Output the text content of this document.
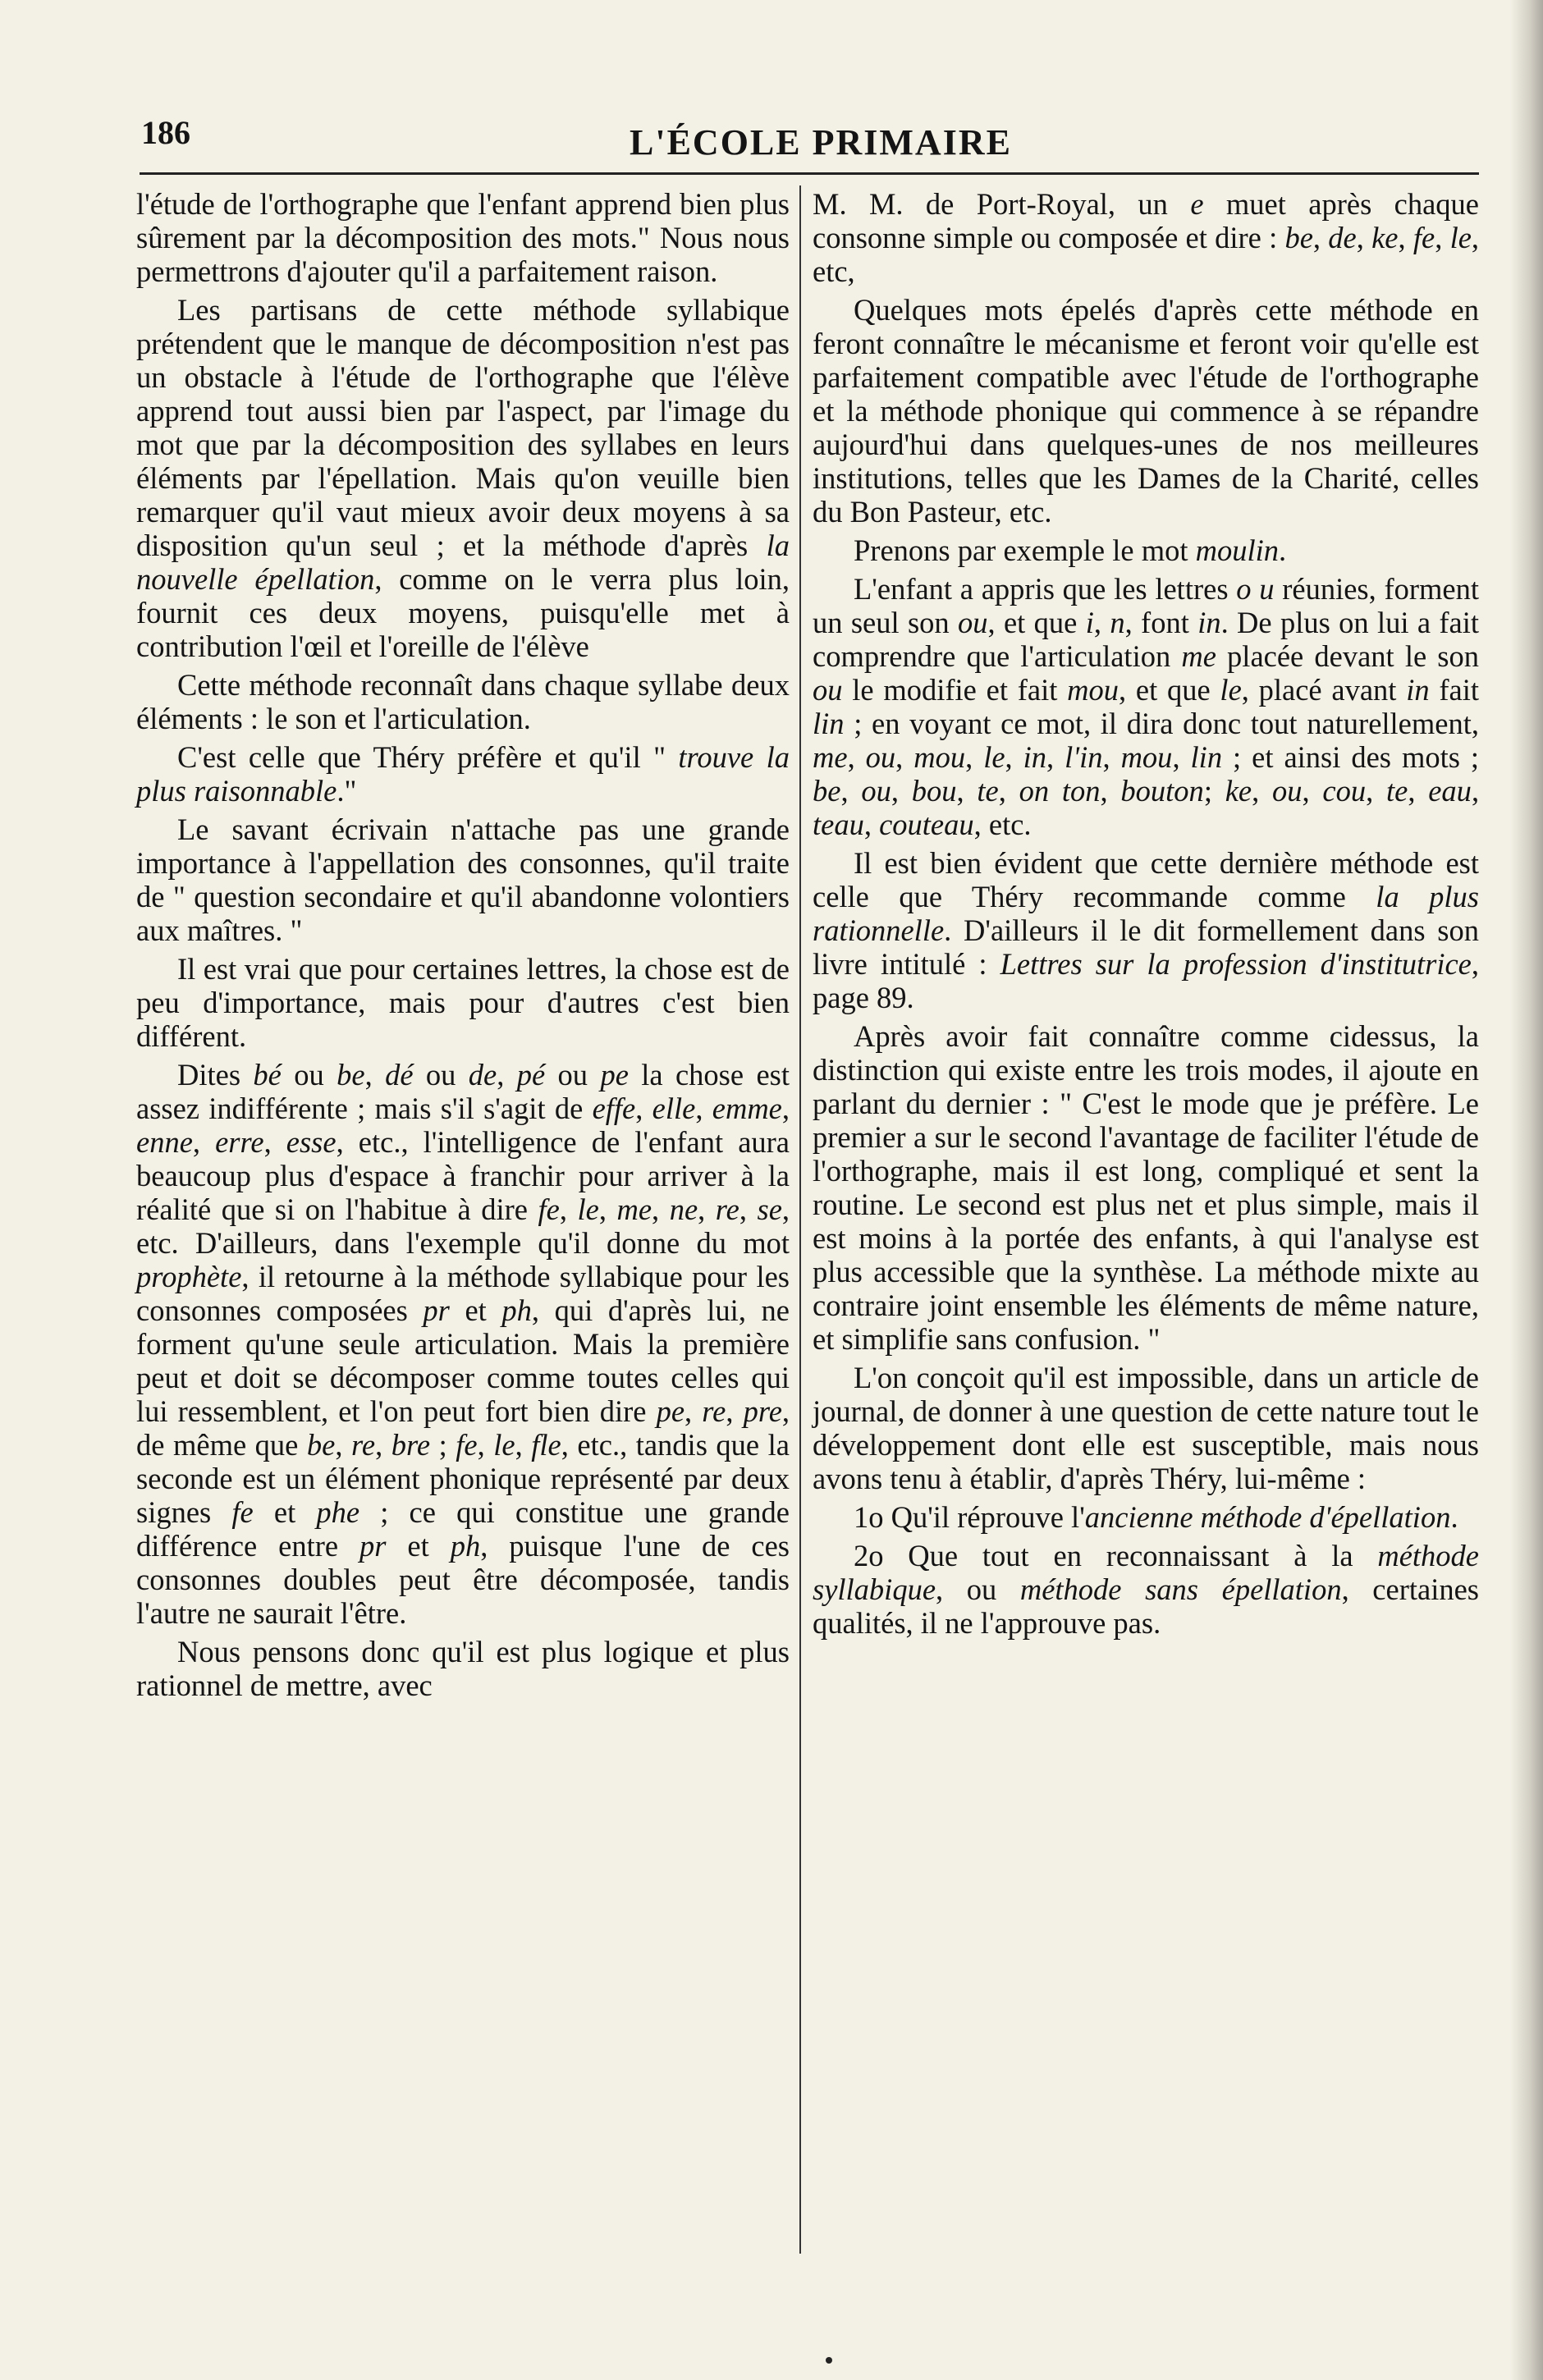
186	L'ÉCOLE PRIMAIRE

l'étude de l'orthographe que l'enfant apprend bien plus sûrement par la décomposition des mots." Nous nous permettrons d'ajouter qu'il a parfaitement raison.

Les partisans de cette méthode syllabique prétendent que le manque de décomposition n'est pas un obstacle à l'étude de l'orthographe que l'élève apprend tout aussi bien par l'aspect, par l'image du mot que par la décomposition des syllabes en leurs éléments par l'épellation. Mais qu'on veuille bien remarquer qu'il vaut mieux avoir deux moyens à sa disposition qu'un seul ; et la méthode d'après la nouvelle épellation, comme on le verra plus loin, fournit ces deux moyens, puisqu'elle met à contribution l'œil et l'oreille de l'élève

Cette méthode reconnaît dans chaque syllabe deux éléments : le son et l'articulation.

C'est celle que Théry préfère et qu'il " trouve la plus raisonnable."

Le savant écrivain n'attache pas une grande importance à l'appellation des consonnes, qu'il traite de " question secondaire et qu'il abandonne volontiers aux maîtres. "

Il est vrai que pour certaines lettres, la chose est de peu d'importance, mais pour d'autres c'est bien différent.

Dites bé ou be, dé ou de, pé ou pe la chose est assez indifférente ; mais s'il s'agit de effe, elle, emme, enne, erre, esse, etc., l'intelligence de l'enfant aura beaucoup plus d'espace à franchir pour arriver à la réalité que si on l'habitue à dire fe, le, me, ne, re, se, etc. D'ailleurs, dans l'exemple qu'il donne du mot prophète, il retourne à la méthode syllabique pour les consonnes composées pr et ph, qui d'après lui, ne forment qu'une seule articulation. Mais la première peut et doit se décomposer comme toutes celles qui lui ressemblent, et l'on peut fort bien dire pe, re, pre, de même que be, re, bre ; fe, le, fle, etc., tandis que la seconde est un élément phonique représenté par deux signes fe et phe ; ce qui constitue une grande différence entre pr et ph, puisque l'une de ces consonnes doubles peut être décomposée, tandis l'autre ne saurait l'être.

Nous pensons donc qu'il est plus logique et plus rationnel de mettre, avec

M. M. de Port-Royal, un e muet après chaque consonne simple ou composée et dire : be, de, ke, fe, le, etc,

Quelques mots épelés d'après cette méthode en feront connaître le mécanisme et feront voir qu'elle est parfaitement compatible avec l'étude de l'orthographe et la méthode phonique qui commence à se répandre aujourd'hui dans quelques-unes de nos meilleures institutions, telles que les Dames de la Charité, celles du Bon Pasteur, etc.

Prenons par exemple le mot moulin.

L'enfant a appris que les lettres o u réunies, forment un seul son ou, et que i, n, font in. De plus on lui a fait comprendre que l'articulation me placée devant le son ou le modifie et fait mou, et que le, placé avant in fait lin ; en voyant ce mot, il dira donc tout naturellement, me, ou, mou, le, in, l'in, mou, lin ; et ainsi des mots ; be, ou, bou, te, on ton, bouton; ke, ou, cou, te, eau, teau, couteau, etc.

Il est bien évident que cette dernière méthode est celle que Théry recommande comme la plus rationnelle. D'ailleurs il le dit formellement dans son livre intitulé : Lettres sur la profession d'institutrice, page 89.

Après avoir fait connaître comme cidessus, la distinction qui existe entre les trois modes, il ajoute en parlant du dernier : " C'est le mode que je préfère. Le premier a sur le second l'avantage de faciliter l'étude de l'orthographe, mais il est long, compliqué et sent la routine. Le second est plus net et plus simple, mais il est moins à la portée des enfants, à qui l'analyse est plus accessible que la synthèse. La méthode mixte au contraire joint ensemble les éléments de même nature, et simplifie sans confusion. "

L'on conçoit qu'il est impossible, dans un article de journal, de donner à une question de cette nature tout le développement dont elle est susceptible, mais nous avons tenu à établir, d'après Théry, lui-même :

1o Qu'il réprouve l'ancienne méthode d'épellation.

2o Que tout en reconnaissant à la méthode syllabique, ou méthode sans épellation, certaines qualités, il ne l'approuve pas.
